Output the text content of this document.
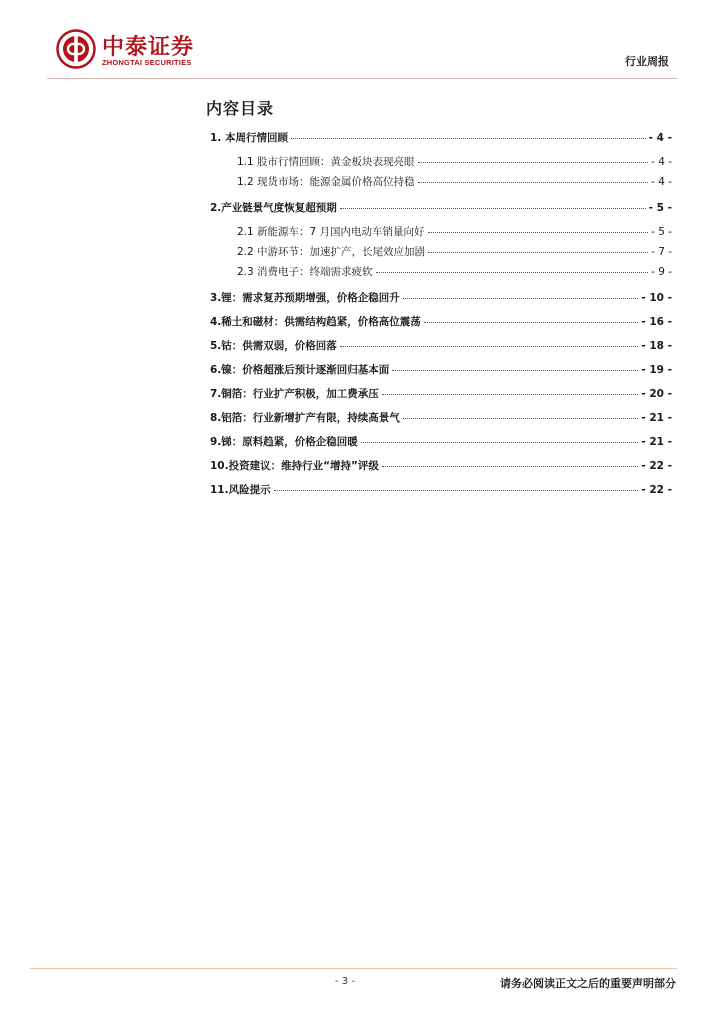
中泰证券
ZHONGTAI SECURITIES	行业周报
内容目录
1. 本周行情回顾	- 4 -
1.1 股市行情回顾：黄金板块表现亮眼	- 4 -
1.2 现货市场：能源金属价格高位持稳	- 4 -
2.产业链景气度恢复超预期	- 5 -
2.1 新能源车：7 月国内电动车销量向好	- 5 -
2.2 中游环节：加速扩产，长尾效应加剧	- 7 -
2.3 消费电子：终端需求疲软	- 9 -
3.锂：需求复苏预期增强，价格企稳回升	- 10 -
4.稀土和磁材：供需结构趋紧，价格高位震荡	- 16 -
5.钴：供需双弱，价格回落	- 18 -
6.镍：价格超涨后预计逐渐回归基本面	- 19 -
7.铜箔：行业扩产积极，加工费承压	- 20 -
8.铝箔：行业新增扩产有限，持续高景气	- 21 -
9.锑：原料趋紧，价格企稳回暖	- 21 -
10.投资建议：维持行业“增持”评级	- 22 -
11.风险提示	- 22 -
- 3 -	请务必阅读正文之后的重要声明部分
